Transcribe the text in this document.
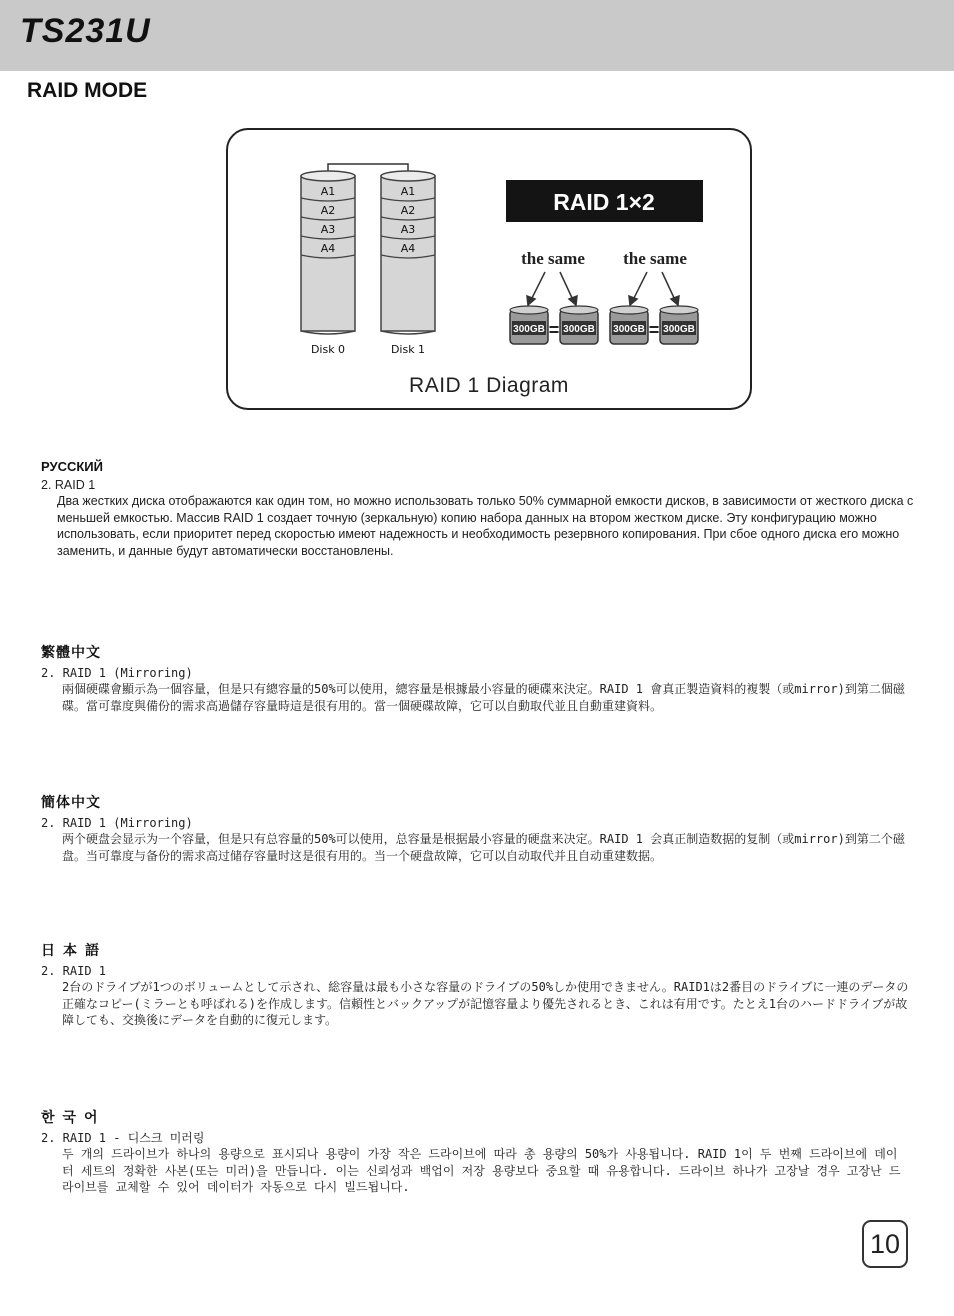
TS231U
RAID MODE
A1
A2
A3
A4
Disk 0
A1
A2
A3
A4
Disk 1
RAID 1×2
the same the same
300GB = 300GB 300GB = 300GB
RAID 1 Diagram
РУССКИЙ
2. RAID 1
Два жестких диска отображаются как один том, но можно использовать только 50% суммарной емкости дисков, в зависимости от жесткого диска с меньшей емкостью. Массив RAID 1 создает точную (зеркальную) копию набора данных на втором жестком диске. Эту конфигурацию можно использовать, если приоритет перед скоростью имеют надежность и необходимость резервного копирования. При сбое одного диска его можно заменить, и данные будут автоматически восстановлены.
繁體中文
2. RAID 1 (Mirroring)
兩個硬碟會顯示為一個容量，但是只有總容量的50%可以使用，總容量是根據最小容量的硬碟來決定。RAID 1 會真正製造資料的複製（或mirror)到第二個磁碟。當可靠度與備份的需求高過儲存容量時這是很有用的。當一個硬碟故障，它可以自動取代並且自動重建資料。
簡体中文
2. RAID 1 (Mirroring)
两个硬盘会显示为一个容量，但是只有总容量的50%可以使用，总容量是根据最小容量的硬盘来决定。RAID 1 会真正制造数据的复制（或mirror)到第二个磁盘。当可靠度与备份的需求高过储存容量时这是很有用的。当一个硬盘故障，它可以自动取代并且自动重建数据。
日本語
2. RAID 1
2台のドライブが1つのボリュームとして示され、総容量は最も小さな容量のドライブの50%しか使用できません。RAID1は2番目のドライブに一連のデータの正確なコピー(ミラーとも呼ばれる)を作成します。信頼性とバックアップが記憶容量より優先されるとき、これは有用です。たとえ1台のハードドライブが故障しても、交換後にデータを自動的に復元します。
한국어
2. RAID 1 - 디스크 미러링
두 개의 드라이브가 하나의 용량으로 표시되나 용량이 가장 작은 드라이브에 따라 총 용량의 50%가 사용됩니다. RAID 1이 두 번째 드라이브에 데이터 세트의 정확한 사본(또는 미러)을 만듭니다. 이는 신뢰성과 백업이 저장 용량보다 중요할 때 유용합니다. 드라이브 하나가 고장날 경우 고장난 드라이브를 교체할 수 있어 데이터가 자동으로 다시 빌드됩니다.
10
